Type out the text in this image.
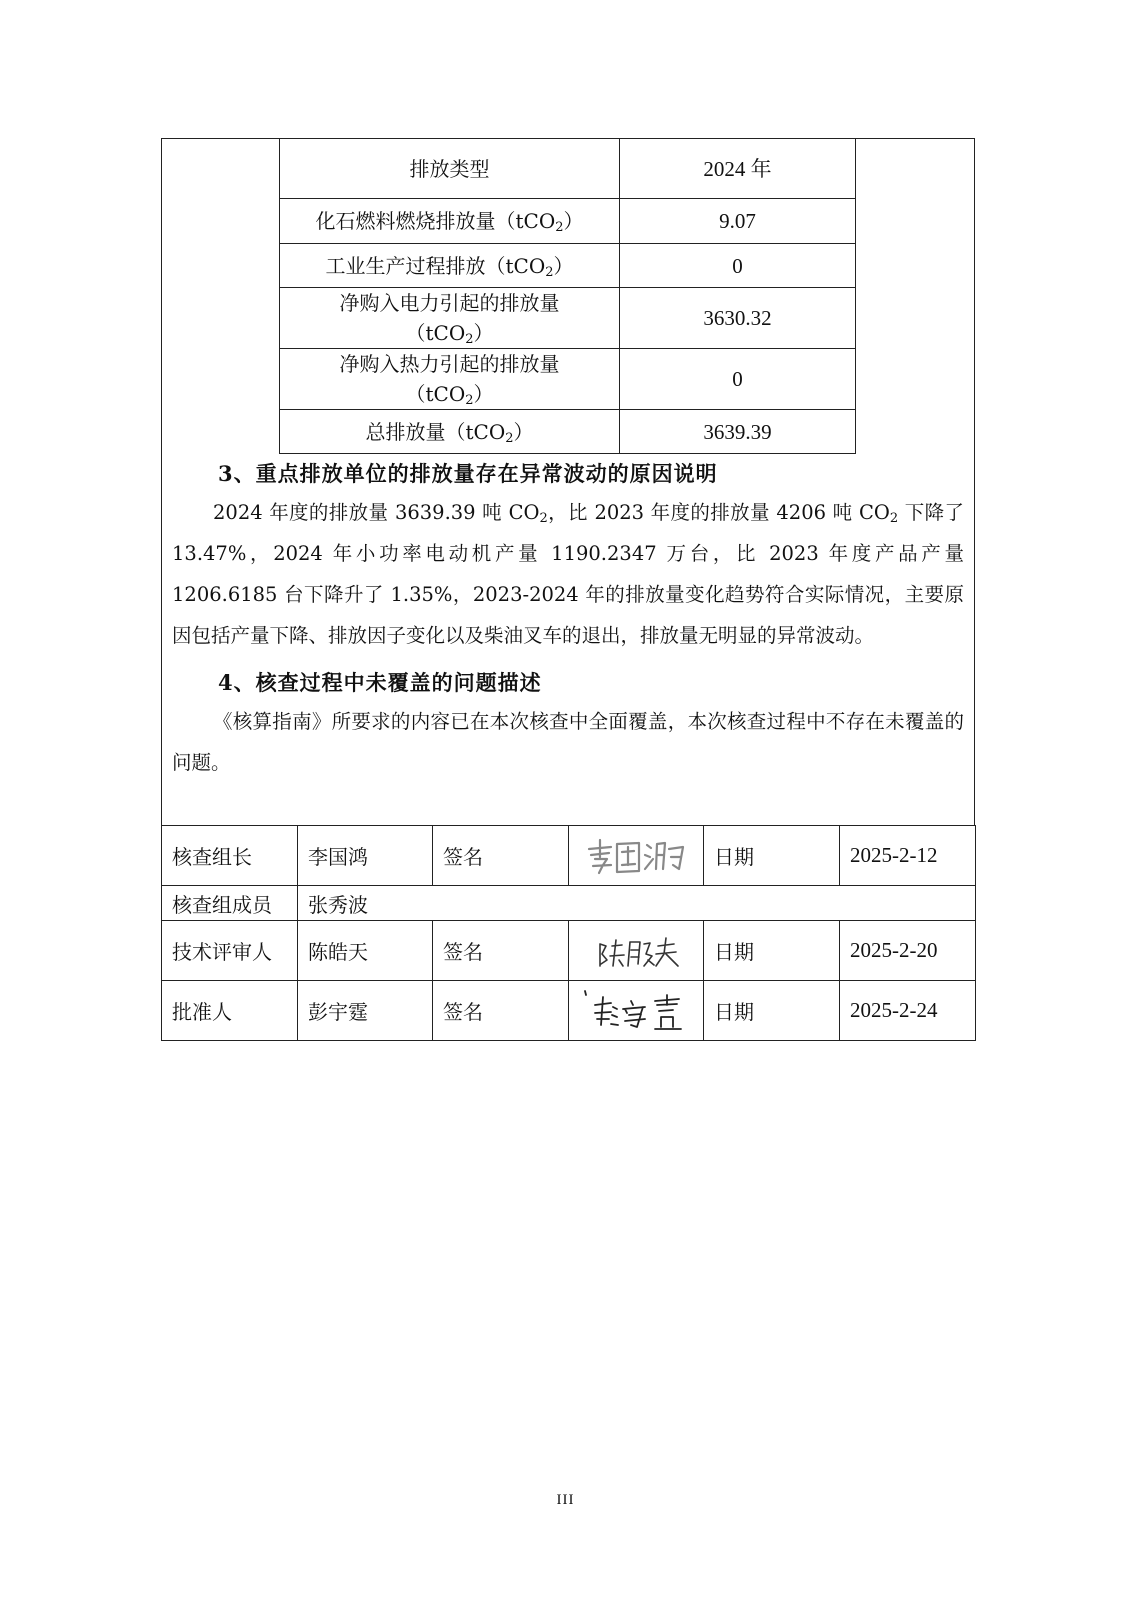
排放类型	2024 年
化石燃料燃烧排放量（tCO$_2$）	9.07
工业生产过程排放（tCO$_2$）	0
净购入电力引起的排放量
（tCO$_2$）	3630.32
净购入热力引起的排放量
（tCO$_2$）	0
总排放量（tCO$_2$）	3639.39
3、重点排放单位的排放量存在异常波动的原因说明

2024 年度的排放量 3639.39 吨 $CO_2$，比 2023 年度的排放量 4206 吨 $CO_2$ 下降了 13.47%，2024 年小功率电动机产量 1190.2347 万台，比 2023 年度产品产量 1206.6185 台下降升了 1.35%，2023-2024 年的排放量变化趋势符合实际情况，主要原因包括产量下降、排放因子变化以及柴油叉车的退出，排放量无明显的异常波动。

4、核查过程中未覆盖的问题描述

《核算指南》所要求的内容已在本次核查中全面覆盖，本次核查过程中不存在未覆盖的问题。

核查组长	李国鸿	签名		日期	2025-2-12
核查组成员	张秀波				
技术评审人	陈皓天	签名		日期	2025-2-20
批准人	彭宇霆	签名		日期	2025-2-24
III
